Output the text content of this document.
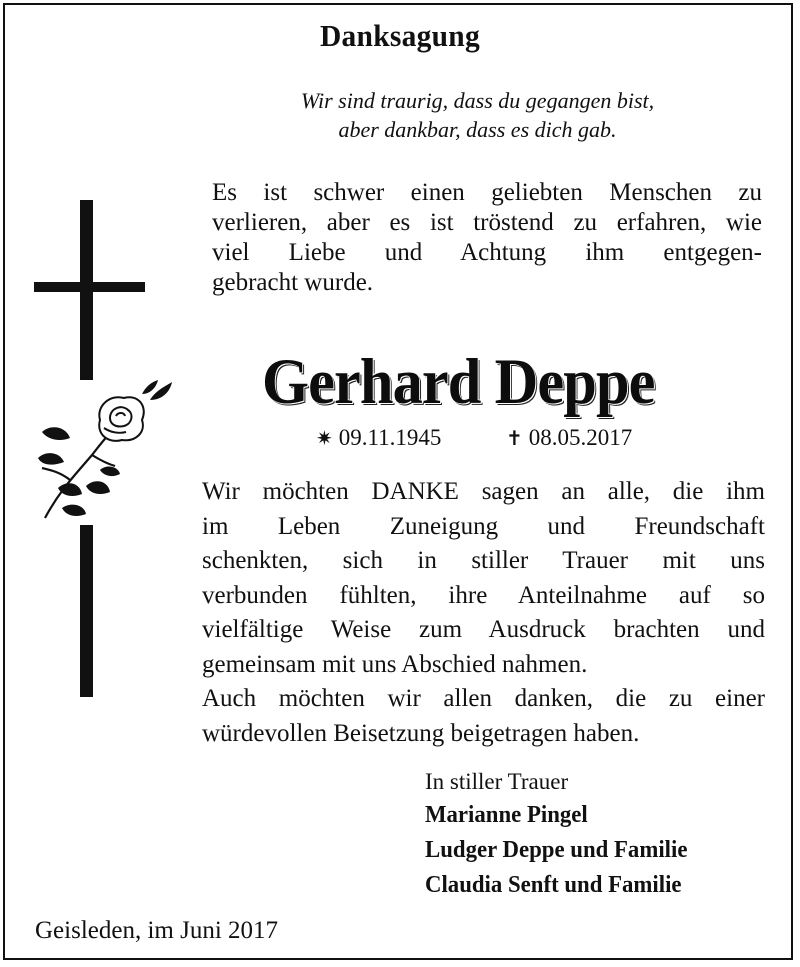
Danksagung
Wir sind traurig, dass du gegangen bist,
aber dankbar, dass es dich gab.
Es ist schwer einen geliebten Menschen zu
verlieren, aber es ist tröstend zu erfahren, wie
viel Liebe und Achtung ihm entgegen-
gebracht wurde.
Gerhard Deppe
✷ 09.11.1945	✝ 08.05.2017
Wir möchten DANKE sagen an alle, die ihm
im Leben Zuneigung und Freundschaft
schenkten, sich in stiller Trauer mit uns
verbunden fühlten, ihre Anteilnahme auf so
vielfältige Weise zum Ausdruck brachten und
gemeinsam mit uns Abschied nahmen.
Auch möchten wir allen danken, die zu einer
würdevollen Beisetzung beigetragen haben.
In stiller Trauer
Marianne Pingel
Ludger Deppe und Familie
Claudia Senft und Familie
Geisleden, im Juni 2017
